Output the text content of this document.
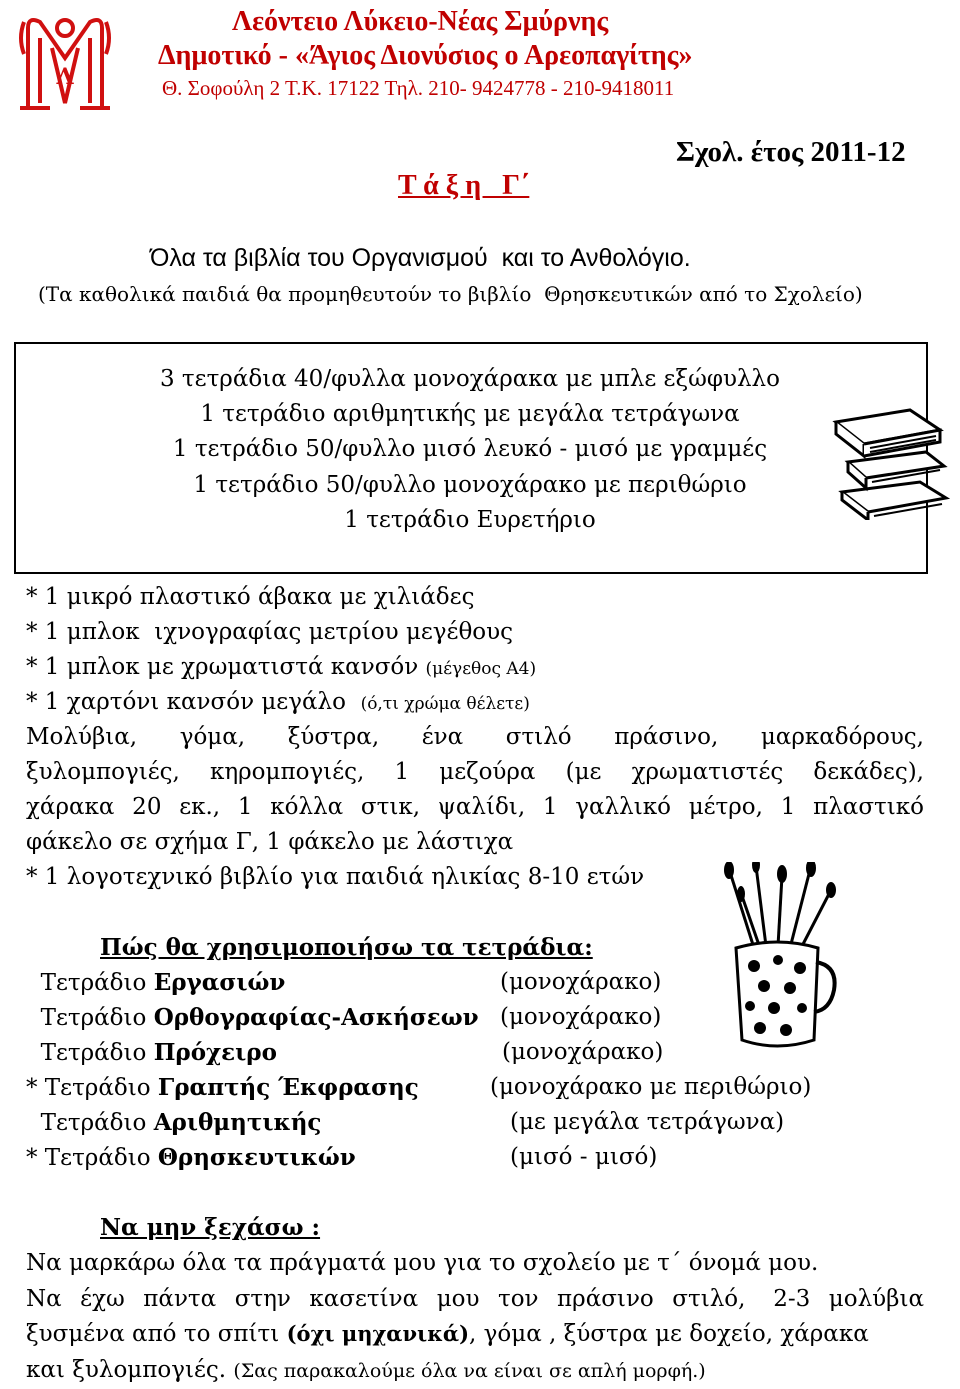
Λ
Λεόντειο Λύκειο-Νέας Σμύρνης
Δημοτικό - «Άγιος Διονύσιος ο Αρεοπαγίτης»
Θ. Σοφούλη 2 Τ.Κ. 17122 Τηλ. 210- 9424778 - 210-9418011
Τ ά ξ η   Γ΄
Σχολ. έτος 2011-12
Όλα τα βιβλία του Οργανισμού  και το Ανθολόγιο.
(Τα καθολικά παιδιά θα προμηθευτούν το βιβλίο  Θρησκευτικών από το Σχολείο)
3 τετράδια 40/φυλλα μονοχάρακα με μπλε εξώφυλλο
1 τετράδιο αριθμητικής με μεγάλα τετράγωνα
1 τετράδιο 50/φυλλο μισό λευκό - μισό με γραμμές
1 τετράδιο 50/φυλλο μονοχάρακο με περιθώριο
1 τετράδιο Ευρετήριο
* 1 μικρό πλαστικό άβακα με χιλιάδες
* 1 μπλοκ  ιχνογραφίας μετρίου μεγέθους
* 1 μπλοκ με χρωματιστά κανσόν (μέγεθος Α4)
* 1 χαρτόνι κανσόν μεγάλο (ό,τι χρώμα θέλετε)
Μολύβια,  γόμα,  ξύστρα,  ένα  στιλό  πράσινο,  μαρκαδόρους,
ξυλομπογιές,  κηρομπογιές,  1  μεζούρα  (με  χρωματιστές  δεκάδες),
χάρακα  20  εκ.,  1  κόλλα  στικ,  ψαλίδι,  1  γαλλικό  μέτρο,  1  πλαστικό
φάκελο σε σχήμα Γ, 1 φάκελο με λάστιχα
* 1 λογοτεχνικό βιβλίο για παιδιά ηλικίας 8-10 ετών
Πώς θα χρησιμοποιήσω τα τετράδια:
Τετράδιο Εργασιών	(μονοχάρακο)
Τετράδιο Ορθογραφίας-Ασκήσεων (μονοχάρακο)
Τετράδιο Πρόχειρο	(μονοχάρακο)
* Τετράδιο Γραπτής Έκφρασης	(μονοχάρακο με περιθώριο)
Τετράδιο Αριθμητικής	(με μεγάλα τετράγωνα)
* Τετράδιο Θρησκευτικών	(μισό - μισό)
Να μην ξεχάσω :
Να μαρκάρω όλα τα πράγματά μου για το σχολείο με τ΄ όνομά μου.
Να  έχω  πάντα  στην  κασετίνα  μου  τον  πράσινο  στιλό,   2-3  μολύβια
ξυσμένα από το σπίτι (όχι μηχανικά), γόμα , ξύστρα με δοχείο, χάρακα
και ξυλομπογιές. (Σας παρακαλούμε όλα να είναι σε απλή μορφή.)
